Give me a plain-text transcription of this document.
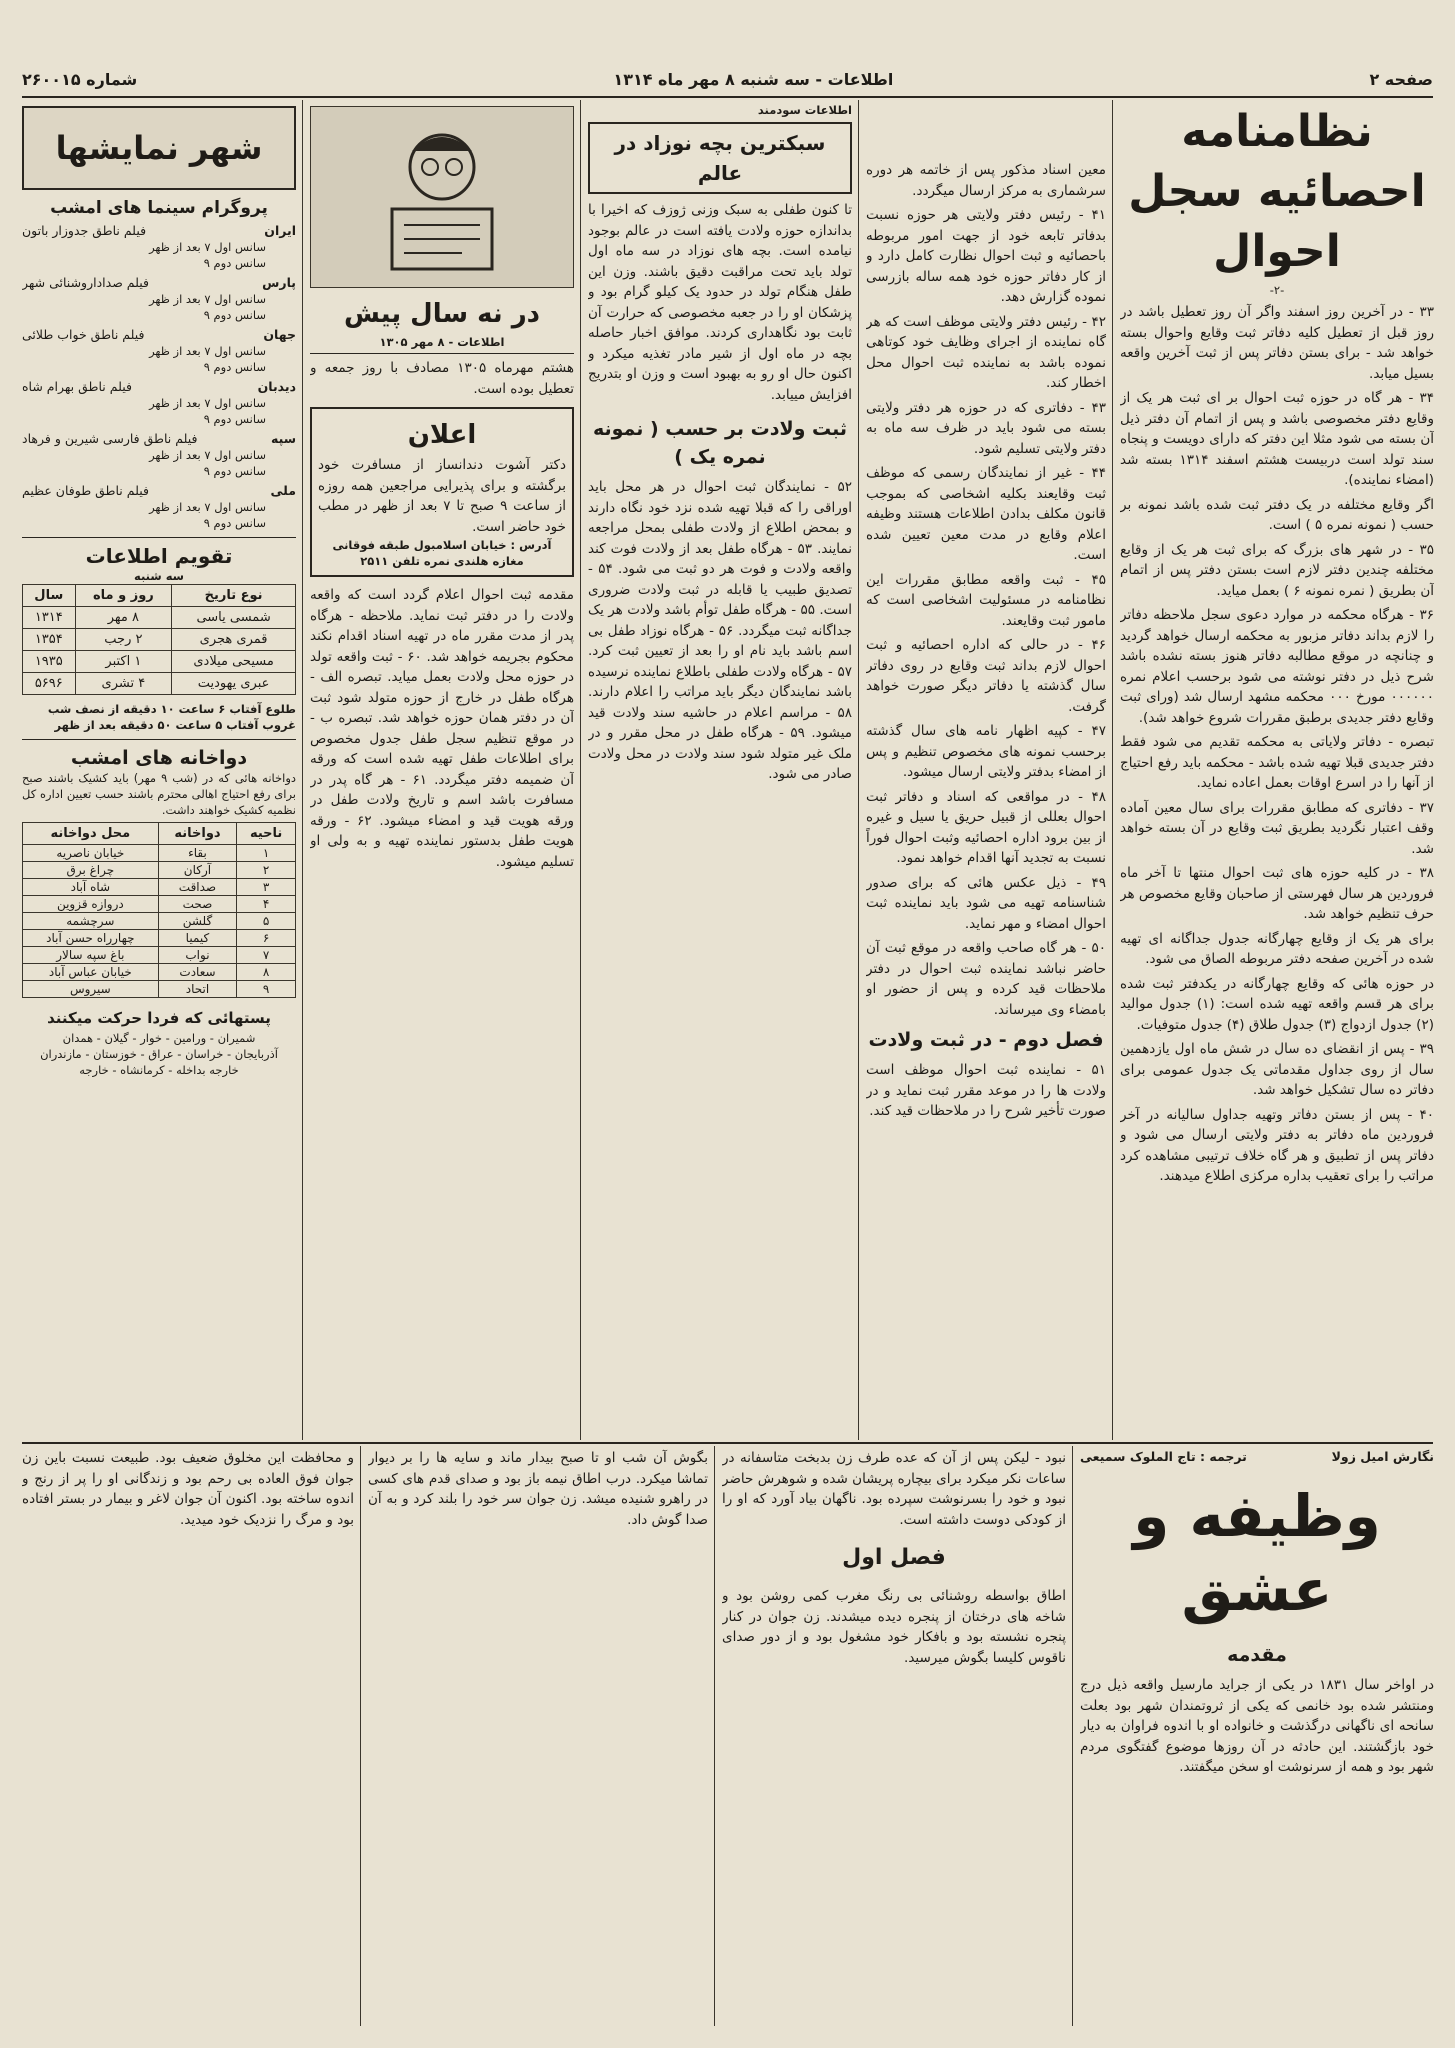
صفحه ۲
اطلاعات - سه شنبه ۸ مهر ماه ۱۳۱۴
شماره ۲۶۰۰۱۵
نظامنامه احصائیه سجل احوال
-۲-

۳۳ - در آخرین روز اسفند واگر آن روز تعطیل باشد در روز قبل از تعطیل کلیه دفاتر ثبت وقایع واحوال بسته خواهد شد - برای بستن دفاتر پس از ثبت آخرین واقعه بسیل میابد.

۳۴ - هر گاه در حوزه ثبت احوال بر ای ثبت هر یک از وقایع دفتر مخصوصی باشد و پس از اتمام آن دفتر ذیل آن بسته می شود مثلا این دفتر که دارای دویست و پنجاه سند تولد است دربیست هشتم اسفند ۱۳۱۴ بسته شد (امضاء نماینده).

اگر وقایع مختلفه در یک دفتر ثبت شده باشد نمونه بر حسب ( نمونه نمره ۵ ) است.

۳۵ - در شهر های بزرگ که برای ثبت هر یک از وقایع مختلفه چندین دفتر لازم است بستن دفتر پس از اتمام آن بطریق ( نمره نمونه ۶ ) بعمل میاید.

۳۶ - هرگاه محکمه در موارد دعوی سجل ملاحظه دفاتر را لازم بداند دفاتر مزبور به محکمه ارسال خواهد گردید و چنانچه در موقع مطالبه دفاتر هنوز بسته نشده باشد شرح ذیل در دفتر نوشته می شود برحسب اعلام نمره ۰۰۰۰۰۰ مورخ ۰۰۰ محکمه مشهد ارسال شد (ورای ثبت وقایع دفتر جدیدی برطبق مقررات شروع خواهد شد).

تبصره - دفاتر ولایاتی به محکمه تقدیم می شود فقط دفتر جدیدی قبلا تهیه شده باشد - محکمه باید رفع احتیاج از آنها را در اسرع اوقات بعمل اعاده نماید.

۳۷ - دفاتری که مطابق مقررات برای سال معین آماده وقف اعتبار نگردید بطریق ثبت وقایع در آن بسته خواهد شد.

۳۸ - در کلیه حوزه های ثبت احوال منتها تا آخر ماه فروردین هر سال فهرستی از صاحبان وقایع مخصوص هر حرف تنظیم خواهد شد.

برای هر یک از وقایع چهارگانه جدول جداگانه ای تهیه شده در آخرین صفحه دفتر مربوطه الصاق می شود.

در حوزه هائی که وقایع چهارگانه در یکدفتر ثبت شده برای هر قسم واقعه تهیه شده است: (۱) جدول موالید (۲) جدول ازدواج (۳) جدول طلاق (۴) جدول متوفیات.

۳۹ - پس از انقضای ده سال در شش ماه اول یازدهمین سال از روی جداول مقدماتی یک جدول عمومی برای دفاتر ده سال تشکیل خواهد شد.

۴۰ - پس از بستن دفاتر وتهیه جداول سالیانه در آخر فروردین ماه دفاتر به دفتر ولایتی ارسال می شود و دفاتر پس از تطبیق و هر گاه خلاف ترتیبی مشاهده کرد مراتب را برای تعقیب بداره مرکزی اطلاع میدهند.

معین اسناد مذکور پس از خاتمه هر دوره سرشماری به مرکز ارسال میگردد.

۴۱ - رئیس دفتر ولایتی هر حوزه نسبت بدفاتر تابعه خود از جهت امور مربوطه باحصائیه و ثبت احوال نظارت کامل دارد و از کار دفاتر حوزه خود همه ساله بازرسی نموده گزارش دهد.

۴۲ - رئیس دفتر ولایتی موظف است که هر گاه نماینده از اجرای وظایف خود کوتاهی نموده باشد به نماینده ثبت احوال محل اخطار کند.

۴۳ - دفاتری که در حوزه هر دفتر ولایتی بسته می شود باید در ظرف سه ماه به دفتر ولایتی تسلیم شود.

۴۴ - غیر از نمایندگان رسمی که موظف ثبت وقایعند بکلیه اشخاصی که بموجب قانون مکلف بدادن اطلاعات هستند وظیفه اعلام وقایع در مدت معین تعیین شده است.

۴۵ - ثبت واقعه مطابق مقررات این نظامنامه در مسئولیت اشخاصی است که مامور ثبت وقایعند.

۴۶ - در حالی که اداره احصائیه و ثبت احوال لازم بداند ثبت وقایع در روی دفاتر سال گذشته یا دفاتر دیگر صورت خواهد گرفت.

۴۷ - کپیه اظهار نامه های سال گذشته برحسب نمونه های مخصوص تنظیم و پس از امضاء بدفتر ولایتی ارسال میشود.

۴۸ - در مواقعی که اسناد و دفاتر ثبت احوال بعللی از قبیل حریق یا سیل و غیره از بین برود اداره احصائیه وثبت احوال فوراً نسبت به تجدید آنها اقدام خواهد نمود.

۴۹ - ذیل عکس هائی که برای صدور شناسنامه تهیه می شود باید نماینده ثبت احوال امضاء و مهر نماید.

۵۰ - هر گاه صاحب واقعه در موقع ثبت آن حاضر نباشد نماینده ثبت احوال در دفتر ملاحظات قید کرده و پس از حضور او بامضاء وی میرساند.

فصل دوم - در ثبت ولادت
۵۱ - نماینده ثبت احوال موظف است ولادت ها را در موعد مقرر ثبت نماید و در صورت تأخیر شرح را در ملاحظات قید کند.
اطلاعات سودمند
سبکترین بچه نوزاد در عالم
تا کنون طفلی به سبک وزنی ژوزف که اخیرا با بداندازه حوزه ولادت یافته است در عالم بوجود نیامده است. بچه های نوزاد در سه ماه اول تولد باید تحت مراقبت دقیق باشند. وزن این طفل هنگام تولد در حدود یک کیلو گرام بود و پزشکان او را در جعبه مخصوصی که حرارت آن ثابت بود نگاهداری کردند. موافق اخبار حاصله بچه در ماه اول از شیر مادر تغذیه میکرد و اکنون حال او رو به بهبود است و وزن او بتدریج افزایش مییابد.
ثبت ولادت بر حسب ( نمونه نمره یک )
۵۲ - نمایندگان ثبت احوال در هر محل باید اوراقی را که قبلا تهیه شده نزد خود نگاه دارند و بمحض اطلاع از ولادت طفلی بمحل مراجعه نمایند. ۵۳ - هرگاه طفل بعد از ولادت فوت کند واقعه ولادت و فوت هر دو ثبت می شود. ۵۴ - تصدیق طبیب یا قابله در ثبت ولادت ضروری است. ۵۵ - هرگاه طفل توأم باشد ولادت هر یک جداگانه ثبت میگردد. ۵۶ - هرگاه نوزاد طفل بی اسم باشد باید نام او را بعد از تعیین ثبت کرد. ۵۷ - هرگاه ولادت طفلی باطلاع نماینده نرسیده باشد نمایندگان دیگر باید مراتب را اعلام دارند. ۵۸ - مراسم اعلام در حاشیه سند ولادت قید میشود. ۵۹ - هرگاه طفل در محل مقرر و در ملک غیر متولد شود سند ولادت در محل ولادت صادر می شود.
در نه سال پیش
اطلاعات - ۸ مهر ۱۳۰۵
هشتم مهرماه ۱۳۰۵ مصادف با روز جمعه و تعطیل بوده است.
اعلان
دکتر آشوت دندانساز از مسافرت خود برگشته و برای پذیرایی مراجعین همه روزه از ساعت ۹ صبح تا ۷ بعد از ظهر در مطب خود حاضر است.
آدرس : خیابان اسلامبول طبقه فوقانی مغازه هلندی نمره تلفن ۲۵۱۱
مقدمه ثبت احوال اعلام گردد است که واقعه ولادت را در دفتر ثبت نماید. ملاحظه - هرگاه پدر از مدت مقرر ماه در تهیه اسناد اقدام نکند محکوم بجریمه خواهد شد. ۶۰ - ثبت واقعه تولد در حوزه محل ولادت بعمل میاید. تبصره الف - هرگاه طفل در خارج از حوزه متولد شود ثبت آن در دفتر همان حوزه خواهد شد. تبصره ب - در موقع تنظیم سجل طفل جدول مخصوص برای اطلاعات طفل تهیه شده است که ورقه آن ضمیمه دفتر میگردد. ۶۱ - هر گاه پدر در مسافرت باشد اسم و تاریخ ولادت طفل در ورقه هویت قید و امضاء میشود. ۶۲ - ورقه هویت طفل بدستور نماینده تهیه و به ولی او تسلیم میشود.
شهر نمایشها
پروگرام سینما های امشب
ایران
فیلم ناطق جدوزار باتون
سانس اول ۷ بعد از ظهر
سانس دوم ۹
پارس
فیلم صداداروشنائی شهر
سانس اول ۷ بعد از ظهر
سانس دوم ۹
جهان
فیلم ناطق خواب طلائی
سانس اول ۷ بعد از ظهر
سانس دوم ۹
دیدبان
فیلم ناطق بهرام شاه
سانس اول ۷ بعد از ظهر
سانس دوم ۹
سپه
فیلم ناطق فارسی شیرین و فرهاد
سانس اول ۷ بعد از ظهر
سانس دوم ۹
ملی
فیلم ناطق طوفان عظیم
سانس اول ۷ بعد از ظهر
سانس دوم ۹
تقویم اطلاعات
سه شنبه
نوع تاریخ	روز و ماه	سال
شمسی یاسی	۸ مهر	۱۳۱۴
قمری هجری	۲ رجب	۱۳۵۴
مسیحی میلادی	۱ اکتبر	۱۹۳۵
عبری یهودیت	۴ تشری	۵۶۹۶
طلوع آفتاب ۶ ساعت ۱۰ دقیقه از نصف شب
غروب آفتاب ۵ ساعت ۵۰ دقیقه بعد از ظهر
دواخانه های امشب
دواخانه هائی که در (شب ۹ مهر) باید کشیک باشند صبح برای رفع احتیاج اهالی محترم باشند حسب تعیین اداره کل نظمیه کشیک خواهند داشت.
ناحیه	دواخانه	محل دواخانه
۱	بقاء	خیابان ناصریه
۲	آرکان	چراغ برق
۳	صداقت	شاه آباد
۴	صحت	دروازه قزوین
۵	گلشن	سرچشمه
۶	کیمیا	چهارراه حسن آباد
۷	نواب	باغ سپه سالار
۸	سعادت	خیابان عباس آباد
۹	اتحاد	سیروس
پستهائی که فردا حرکت میکنند
شمیران - ورامین - خوار - گیلان - همدان
آذربایجان - خراسان - عراق - خوزستان - مازندران
خارجه بداخله - کرمانشاه - خارجه
نگارش امیل زولا
ترجمه : تاج الملوک سمیعی
وظیفه و عشق
مقدمه
در اواخر سال ۱۸۳۱ در یکی از جراید مارسیل واقعه ذیل درج ومنتشر شده بود خانمی که یکی از ثروتمندان شهر بود بعلت سانحه ای ناگهانی درگذشت و خانواده او با اندوه فراوان به دیار خود بازگشتند. این حادثه در آن روزها موضوع گفتگوی مردم شهر بود و همه از سرنوشت او سخن میگفتند.
نبود - لیکن پس از آن که عده طرف زن بدبخت متاسفانه در ساعات نکر میکرد برای بیچاره پریشان شده و شوهرش حاضر نبود و خود را بسرنوشت سپرده بود. ناگهان بیاد آورد که او را از کودکی دوست داشته است.
فصل اول
اطاق بواسطه روشنائی بی رنگ مغرب کمی روشن بود و شاخه های درختان از پنجره دیده میشدند. زن جوان در کنار پنجره نشسته بود و بافکار خود مشغول بود و از دور صدای ناقوس کلیسا بگوش میرسید.
بگوش آن شب او تا صبح بیدار ماند و سایه ها را بر دیوار تماشا میکرد. درب اطاق نیمه باز بود و صدای قدم های کسی در راهرو شنیده میشد. زن جوان سر خود را بلند کرد و به آن صدا گوش داد.
و محافظت این مخلوق ضعیف بود. طبیعت نسبت باین زن جوان فوق العاده بی رحم بود و زندگانی او را پر از رنج و اندوه ساخته بود. اکنون آن جوان لاغر و بیمار در بستر افتاده بود و مرگ را نزدیک خود میدید.
